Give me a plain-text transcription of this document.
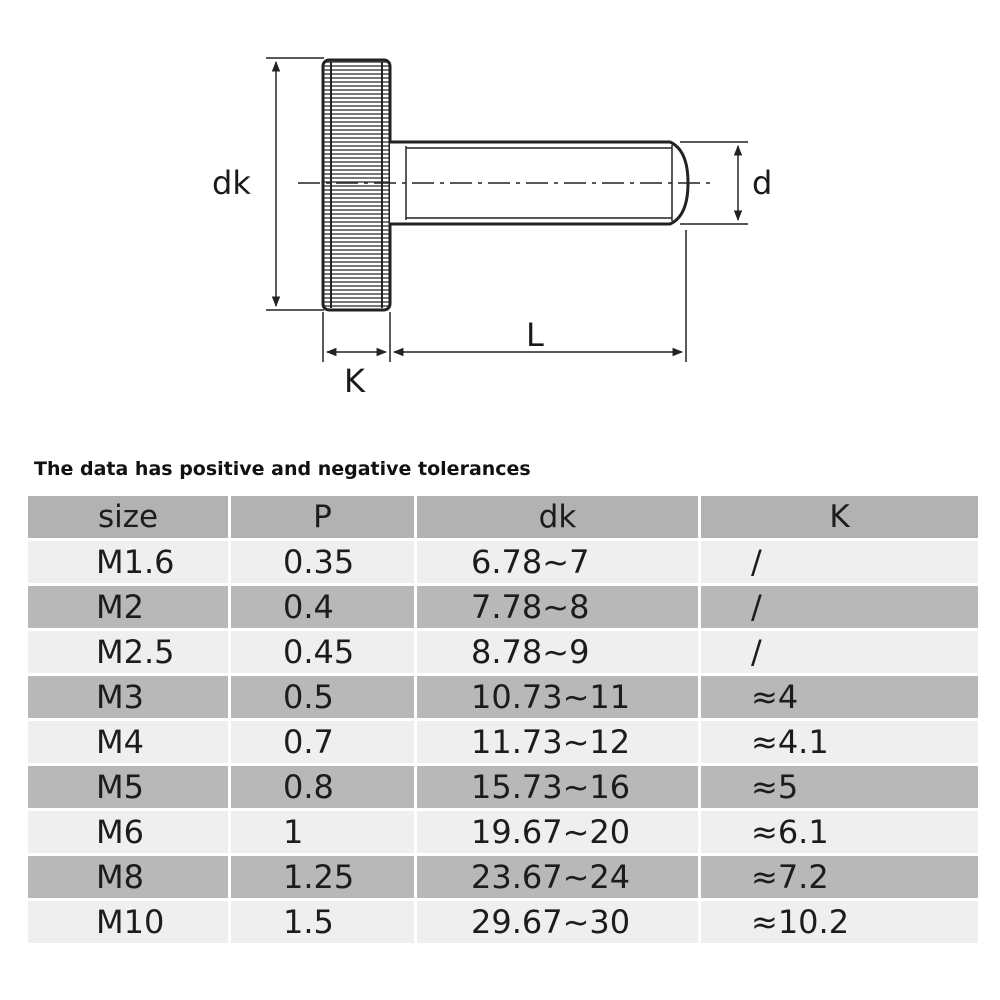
dk	d
L
K
The data has positive and negative tolerances
size	P	dk	K
M1.6	0.35	6.78~7	/
M2	0.4	7.78~8	/
M2.5	0.45	8.78~9	/
M3	0.5	10.73~11	≈4
M4	0.7	11.73~12	≈4.1
M5	0.8	15.73~16	≈5
M6	1	19.67~20	≈6.1
M8	1.25	23.67~24	≈7.2
M10	1.5	29.67~30	≈10.2
